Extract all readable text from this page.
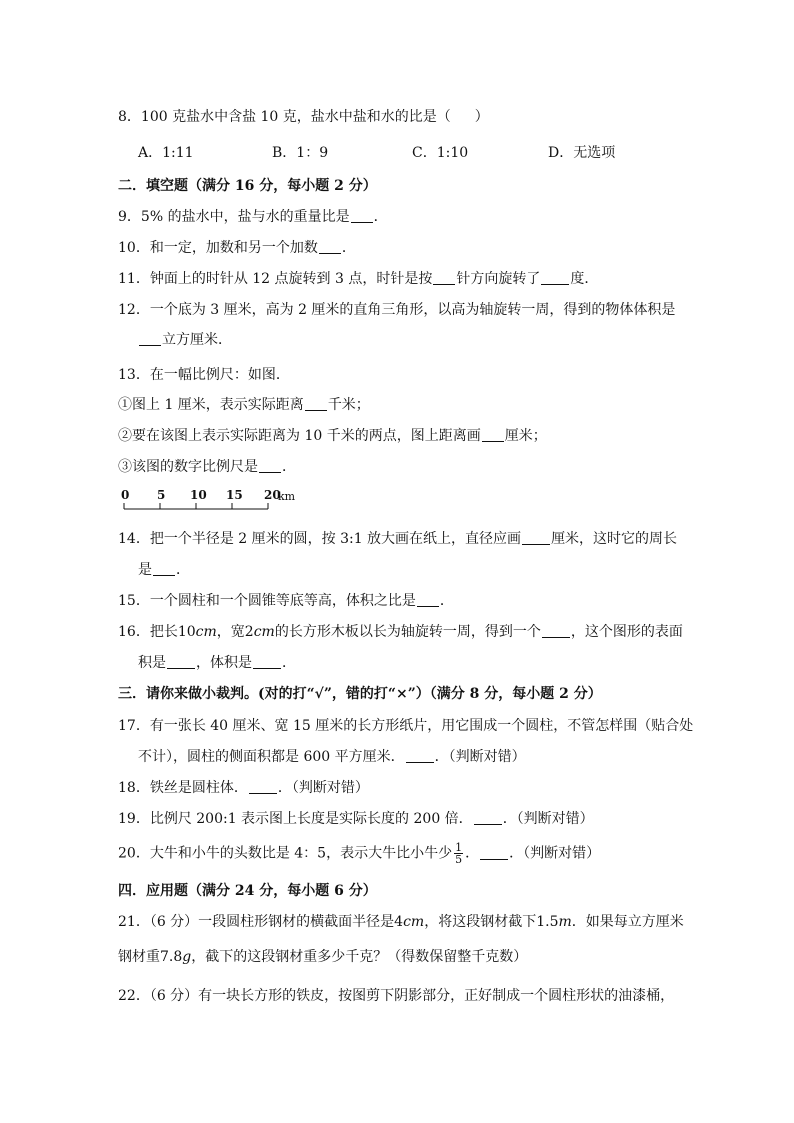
8．100 克盐水中含盐 10 克，盐水中盐和水的比是（ ）
A．1:11	B．1：9	C．1:10	D．无选项
二．填空题（满分 16 分，每小题 2 分）
9．5% 的盐水中，盐与水的重量比是 ．
10．和一定，加数和另一个加数 ．
11．钟面上的时针从 12 点旋转到 3 点，时针是按 针方向旋转了 度．
12．一个底为 3 厘米，高为 2 厘米的直角三角形，以高为轴旋转一周，得到的物体体积是
立方厘米．
13．在一幅比例尺：如图．
①图上 1 厘米，表示实际距离 千米；
②要在该图上表示实际距离为 10 千米的两点，图上距离画 厘米；
③该图的数字比例尺是 ．
0 5 10 15 20
km
14．把一个半径是 2 厘米的圆，按 3:1 放大画在纸上，直径应画 厘米，这时它的周长
是 ．
15．一个圆柱和一个圆锥等底等高，体积之比是 ．
16．把长10cm，宽2cm的长方形木板以长为轴旋转一周，得到一个 ，这个图形的表面
积是 ，体积是 ．
三．请你来做小裁判。(对的打“√”，错的打“×”）（满分 8 分，每小题 2 分）
17．有一张长 40 厘米、宽 15 厘米的长方形纸片，用它围成一个圆柱，不管怎样围（贴合处
不计），圆柱的侧面积都是 600 平方厘米． ．（判断对错）
18．铁丝是圆柱体． ．（判断对错）
19．比例尺 200:1 表示图上长度是实际长度的 200 倍． ．（判断对错）
20．大牛和小牛的头数比是 4：5，表示大牛比小牛少 $\frac{1}{5}$ ． ．（判断对错）
四．应用题（满分 24 分，每小题 6 分）
21．（6 分）一段圆柱形钢材的横截面半径是4cm，将这段钢材截下1.5m．如果每立方厘米
钢材重7.8g，截下的这段钢材重多少千克？（得数保留整千克数）
22．（6 分）有一块长方形的铁皮，按图剪下阴影部分，正好制成一个圆柱形状的油漆桶，
